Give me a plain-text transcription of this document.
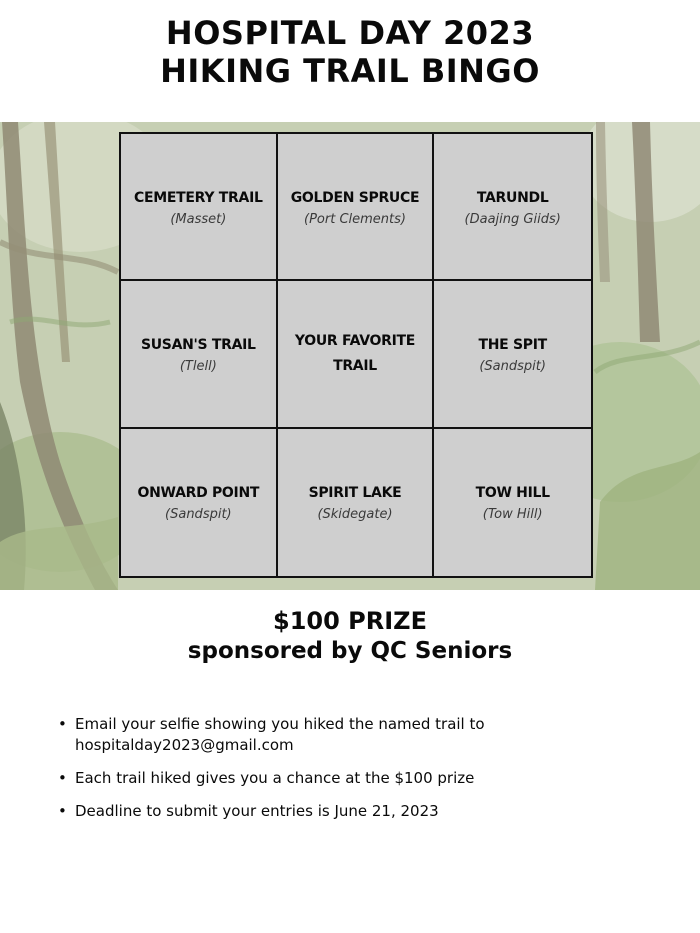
HOSPITAL DAY 2023
HIKING TRAIL BINGO
CEMETERY TRAIL
(Masset)
GOLDEN SPRUCE
(Port Clements)
TARUNDL
(Daajing Giids)
SUSAN'S TRAIL
(Tlell)
YOUR FAVORITE TRAIL
THE SPIT
(Sandspit)
ONWARD POINT
(Sandspit)
SPIRIT LAKE
(Skidegate)
TOW HILL
(Tow Hill)
$100 PRIZE
sponsored by QC Seniors
• Email your selfie showing you hiked the named trail to hospitalday2023@gmail.com
• Each trail hiked gives you a chance at the $100 prize
• Deadline to submit your entries is June 21, 2023
